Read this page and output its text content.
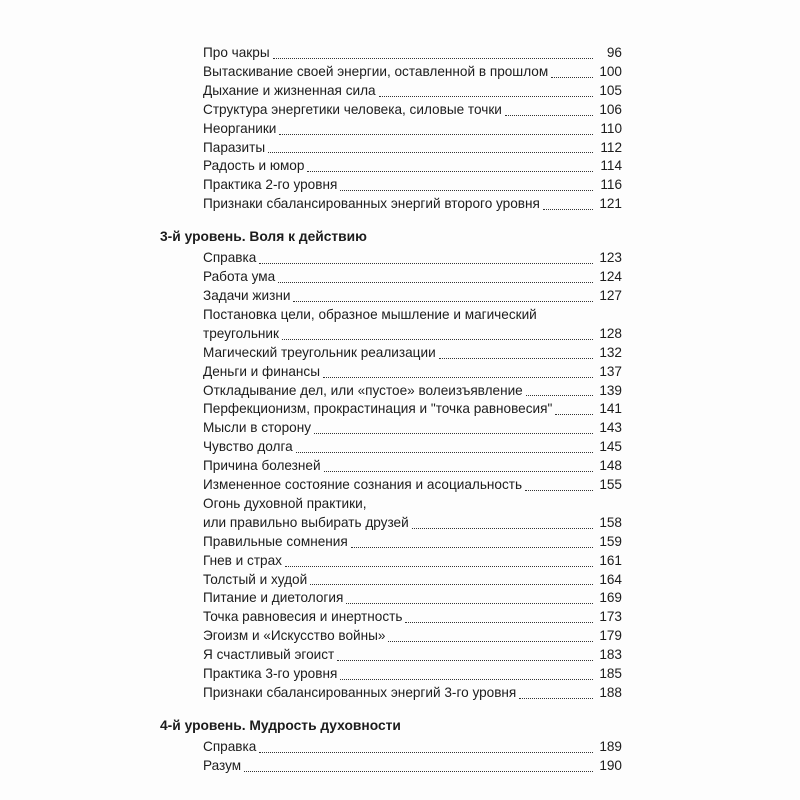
Про чакры	96
Вытаскивание своей энергии, оставленной в прошлом	100
Дыхание и жизненная сила	105
Структура энергетики человека, силовые точки	106
Неорганики	110
Паразиты	112
Радость и юмор	114
Практика 2-го уровня	116
Признаки сбалансированных энергий второго уровня	121
3-й уровень. Воля к действию
Справка	123
Работа ума	124
Задачи жизни	127
Постановка цели, образное мышление и магический
треугольник	128
Магический треугольник реализации	132
Деньги и финансы	137
Откладывание дел, или «пустое» волеизъявление	139
Перфекционизм, прокрастинация и "точка равновесия"	141
Мысли в сторону	143
Чувство долга	145
Причина болезней	148
Измененное состояние сознания и асоциальность	155
Огонь духовной практики,
или правильно выбирать друзей	158
Правильные сомнения	159
Гнев и страх	161
Толстый и худой	164
Питание и диетология	169
Точка равновесия и инертность	173
Эгоизм и «Искусство войны»	179
Я счастливый эгоист	183
Практика 3-го уровня	185
Признаки сбалансированных энергий 3-го уровня	188
4-й уровень. Мудрость духовности
Справка	189
Разум	190
